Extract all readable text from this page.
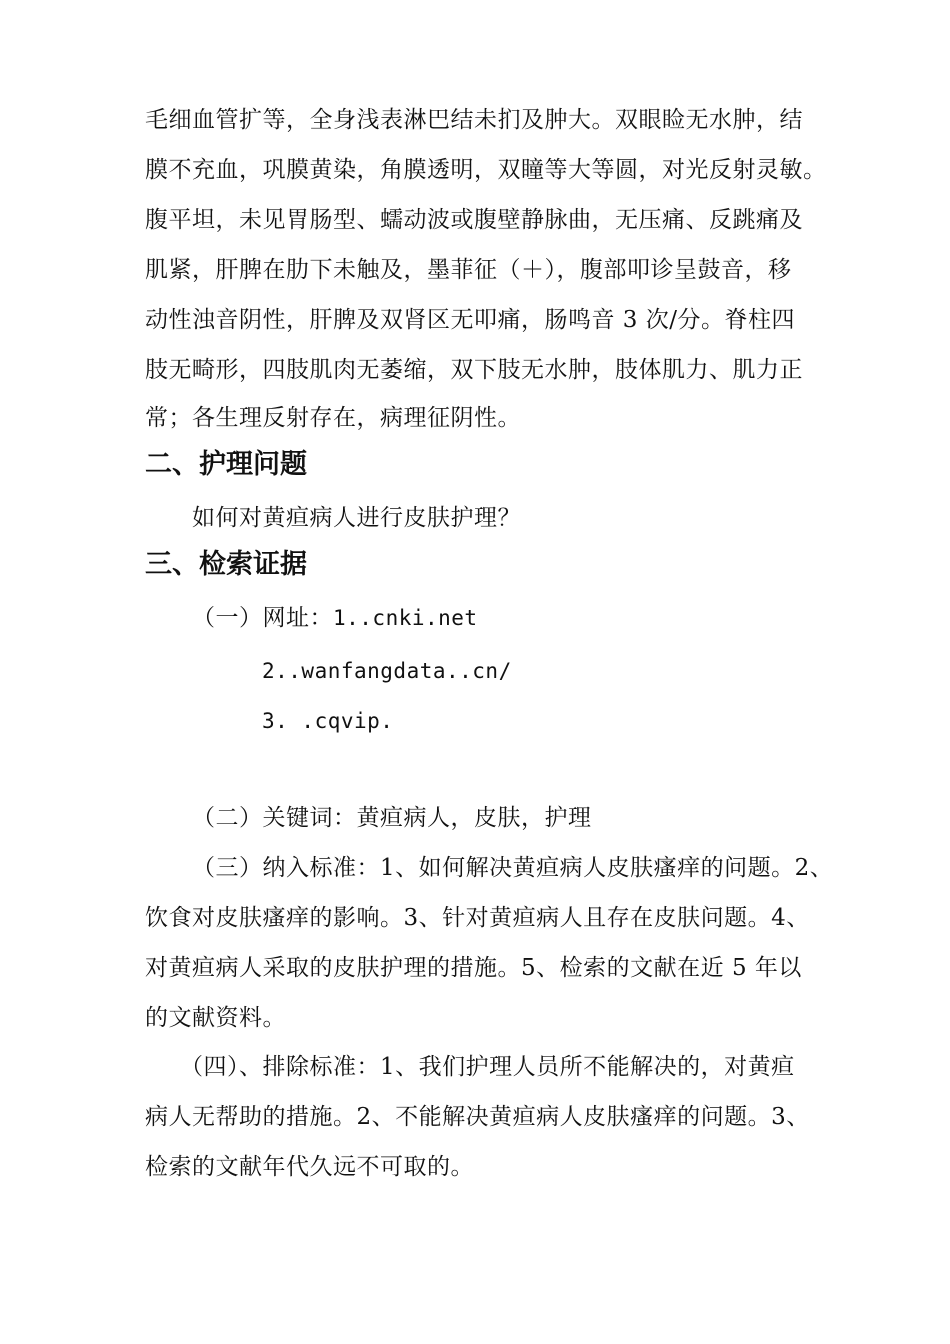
毛细血管扩等，全身浅表淋巴结未扪及肿大。双眼睑无水肿，结
膜不充血，巩膜黄染，角膜透明，双瞳等大等圆，对光反射灵敏。
腹平坦，未见胃肠型、蠕动波或腹壁静脉曲，无压痛、反跳痛及
肌紧，肝脾在肋下未触及，墨菲征（＋），腹部叩诊呈鼓音，移
动性浊音阴性，肝脾及双肾区无叩痛，肠鸣音 3 次/分。脊柱四
肢无畸形，四肢肌肉无萎缩，双下肢无水肿，肢体肌力、肌力正
常；各生理反射存在，病理征阴性。
二、护理问题
如何对黄疸病人进行皮肤护理？
三、检索证据
（一）网址：1..cnki.net
2..wanfangdata..cn/
3. .cqvip.
（二）关键词：黄疸病人，皮肤，护理
（三）纳入标准：1、如何解决黄疸病人皮肤瘙痒的问题。2、
饮食对皮肤瘙痒的影响。3、针对黄疸病人且存在皮肤问题。4、
对黄疸病人采取的皮肤护理的措施。5、检索的文献在近 5 年以
的文献资料。
（四）、排除标准：1、我们护理人员所不能解决的，对黄疸
病人无帮助的措施。2、不能解决黄疸病人皮肤瘙痒的问题。3、
检索的文献年代久远不可取的。
